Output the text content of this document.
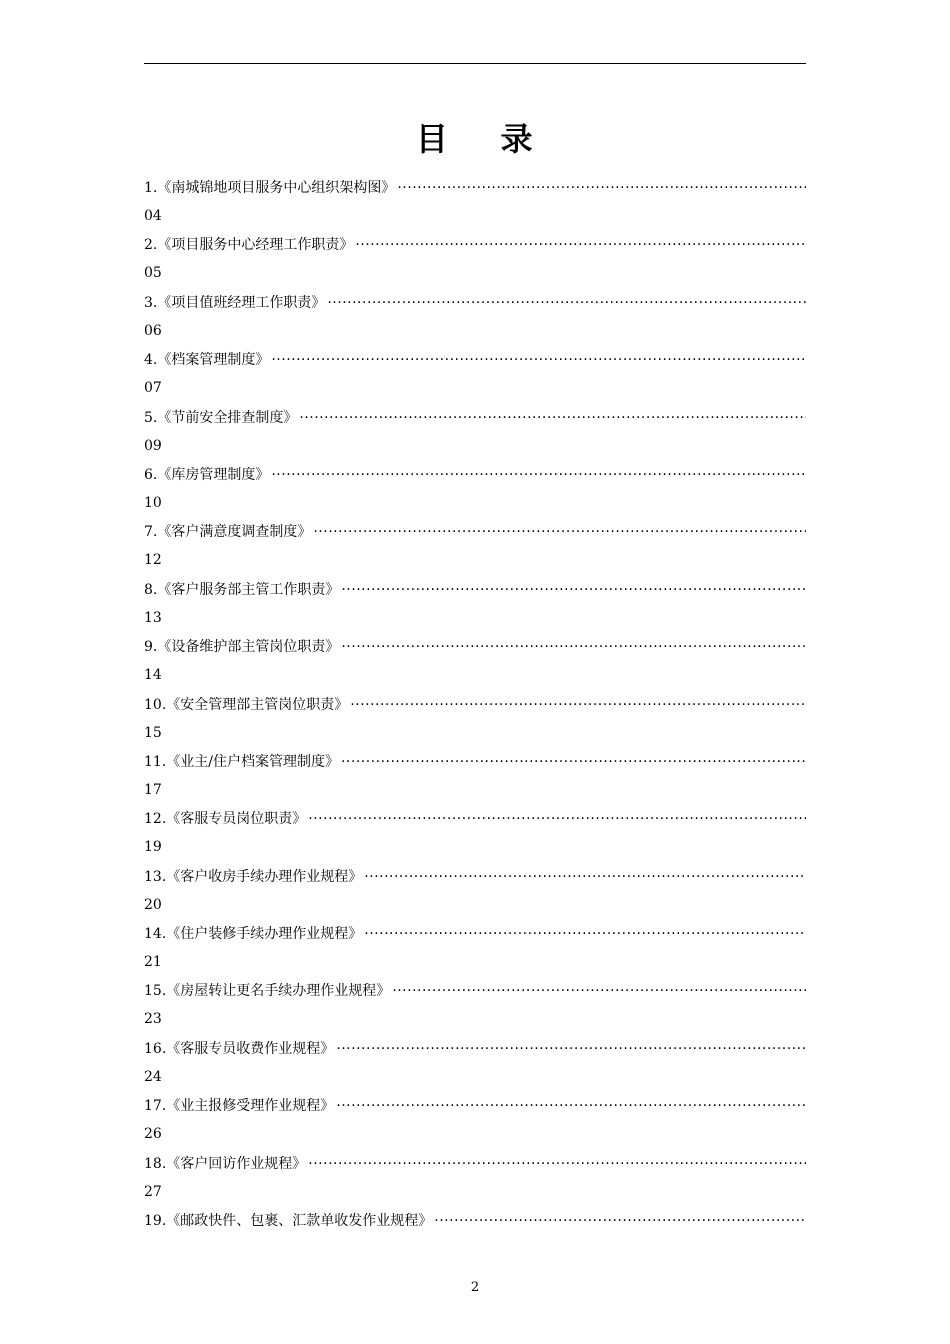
目    录
1.《南城锦地项目服务中心组织架构图》
·····
04
2.《项目服务中心经理工作职责》
·····
05
3.《项目值班经理工作职责》
·····
06
4.《档案管理制度》
·····
07
5.《节前安全排查制度》
·····
09
6.《库房管理制度》
·····
10
7.《客户满意度调查制度》
·····
12
8.《客户服务部主管工作职责》
·····
13
9.《设备维护部主管岗位职责》
·····
14
10.《安全管理部主管岗位职责》
·····
15
11.《业主/住户档案管理制度》
·····
17
12.《客服专员岗位职责》
·····
19
13.《客户收房手续办理作业规程》
·····
20
14.《住户装修手续办理作业规程》
·····
21
15.《房屋转让更名手续办理作业规程》
·····
23
16.《客服专员收费作业规程》
·····
24
17.《业主报修受理作业规程》
·····
26
18.《客户回访作业规程》
·····
27
19.《邮政快件、包裹、汇款单收发作业规程》
·····
2
